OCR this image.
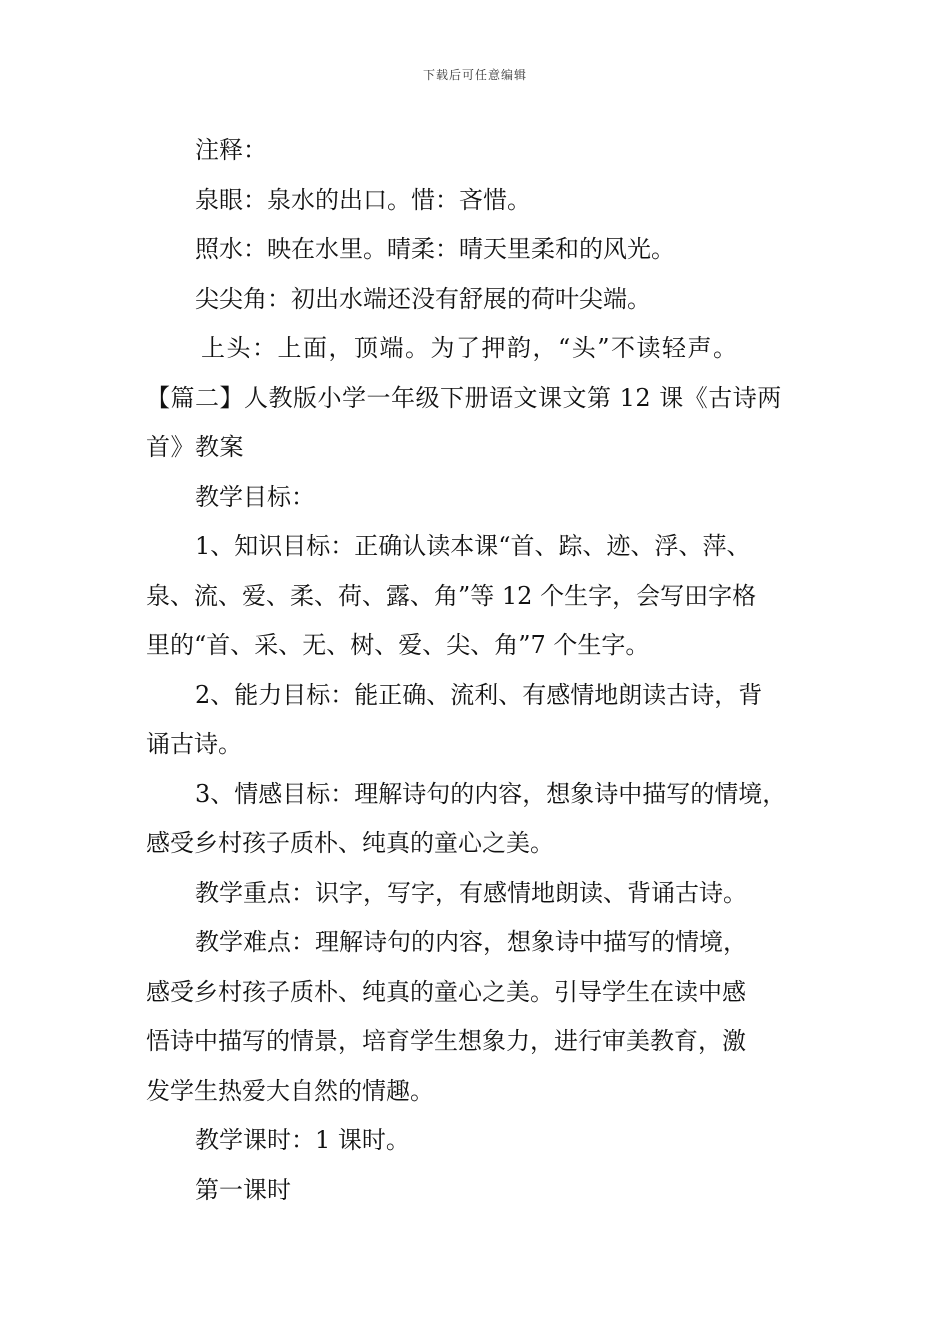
下载后可任意编辑
注释：
泉眼：泉水的出口。惜：吝惜。
照水：映在水里。晴柔：晴天里柔和的风光。
尖尖角：初出水端还没有舒展的荷叶尖端。
上头：上面，顶端。为了押韵，“头”不读轻声。
【篇二】人教版小学一年级下册语文课文第 12 课《古诗两
首》教案
教学目标：
1、知识目标：正确认读本课“首、踪、迹、浮、萍、
泉、流、爱、柔、荷、露、角”等 12 个生字，会写田字格
里的“首、采、无、树、爱、尖、角”7 个生字。
2、能力目标：能正确、流利、有感情地朗读古诗，背
诵古诗。
3、情感目标：理解诗句的内容，想象诗中描写的情境，
感受乡村孩子质朴、纯真的童心之美。
教学重点：识字，写字，有感情地朗读、背诵古诗。
教学难点：理解诗句的内容，想象诗中描写的情境，
感受乡村孩子质朴、纯真的童心之美。引导学生在读中感
悟诗中描写的情景，培育学生想象力，进行审美教育，激
发学生热爱大自然的情趣。
教学课时：1 课时。
第一课时
